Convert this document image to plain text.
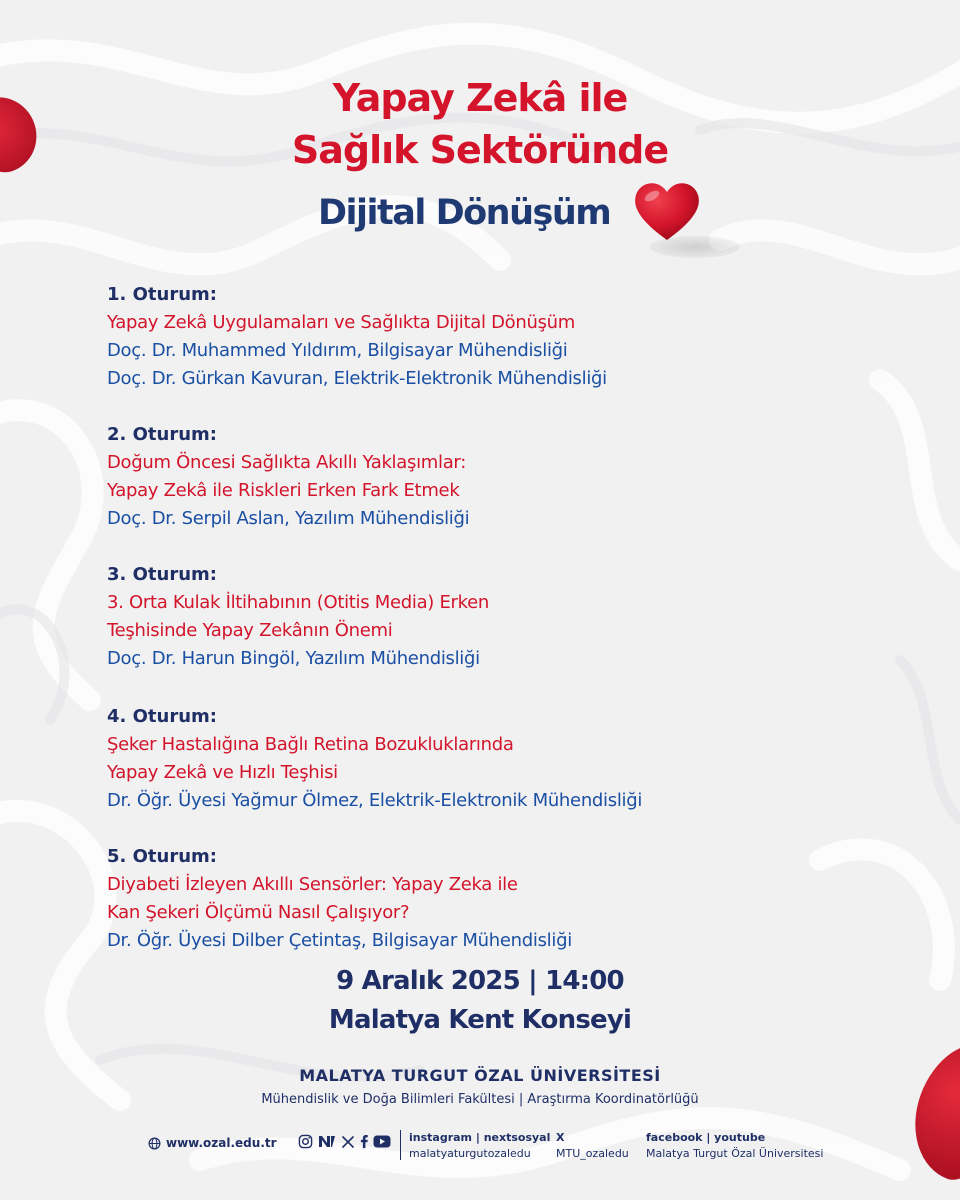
Yapay Zekâ ile
Sağlık Sektöründe
Dijital Dönüşüm
1. Oturum:
Yapay Zekâ Uygulamaları ve Sağlıkta Dijital Dönüşüm
Doç. Dr. Muhammed Yıldırım, Bilgisayar Mühendisliği
Doç. Dr. Gürkan Kavuran, Elektrik-Elektronik Mühendisliği
2. Oturum:
Doğum Öncesi Sağlıkta Akıllı Yaklaşımlar:
Yapay Zekâ ile Riskleri Erken Fark Etmek
Doç. Dr. Serpil Aslan, Yazılım Mühendisliği
3. Oturum:
3. Orta Kulak İltihabının (Otitis Media) Erken
Teşhisinde Yapay Zekânın Önemi
Doç. Dr. Harun Bingöl, Yazılım Mühendisliği
4. Oturum:
Şeker Hastalığına Bağlı Retina Bozukluklarında
Yapay Zekâ ve Hızlı Teşhisi
Dr. Öğr. Üyesi Yağmur Ölmez, Elektrik-Elektronik Mühendisliği
5. Oturum:
Diyabeti İzleyen Akıllı Sensörler: Yapay Zeka ile
Kan Şekeri Ölçümü Nasıl Çalışıyor?
Dr. Öğr. Üyesi Dilber Çetintaş, Bilgisayar Mühendisliği
9 Aralık 2025 | 14:00
Malatya Kent Konseyi
MALATYA TURGUT ÖZAL ÜNİVERSİTESİ
Mühendislik ve Doğa Bilimleri Fakültesi | Araştırma Koordinatörlüğü
www.ozal.edu.tr	instagram | nextsosyal
malatyaturgutozaledu
X
MTU_ozaledu
facebook | youtube
Malatya Turgut Özal Üniversitesi
